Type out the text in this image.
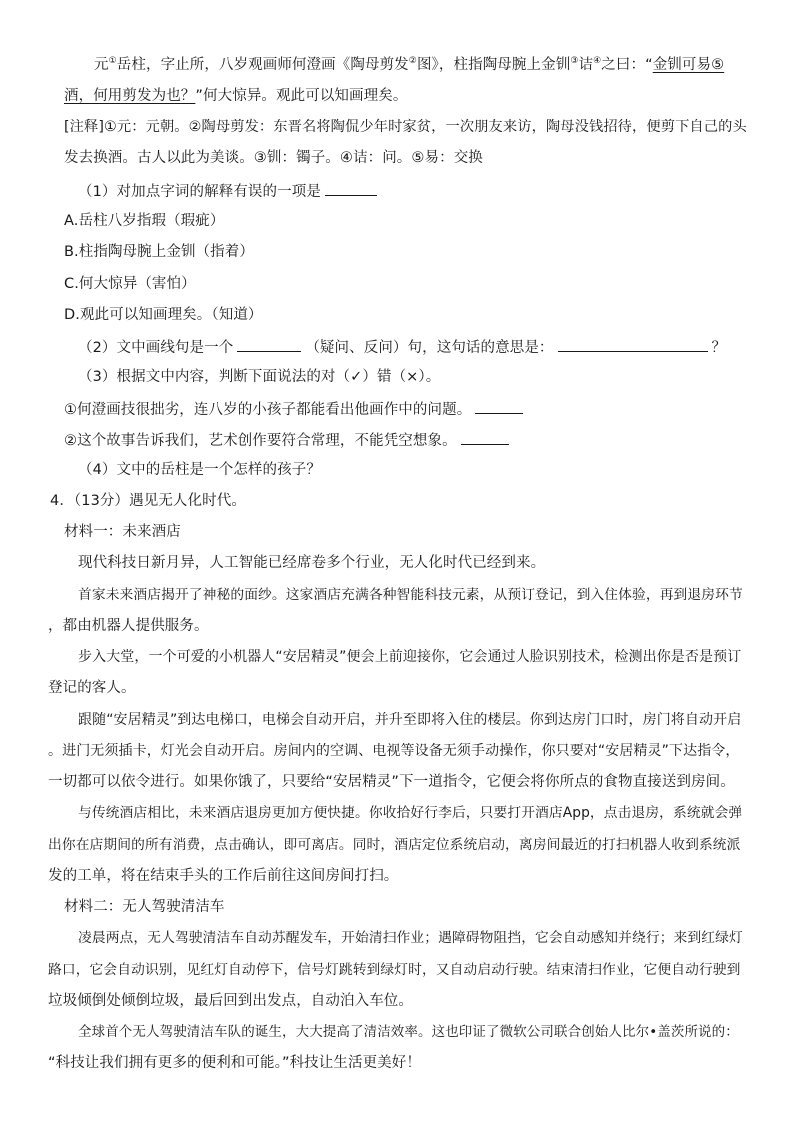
元①岳柱，字止所，八岁观画师何澄画《陶母剪发②图》，柱指陶母腕上金钏③诘④之曰：“金钏可易⑤
酒，何用剪发为也？”何大惊异。观此可以知画理矣。
[注释]①元：元朝。②陶母剪发：东晋名将陶侃少年时家贫，一次朋友来访，陶母没钱招待，便剪下自己的头
发去换酒。古人以此为美谈。③钏：镯子。④诘：问。⑤易：交换
（1）对加点字词的解释有误的一项是
A.岳柱八岁指瑕（瑕疵）
B.柱指陶母腕上金钏（指着）
C.何大惊异（害怕）
D.观此可以知画理矣。（知道）
（2）文中画线句是一个	（疑问、反问）句，这句话的意思是：	？
（3）根据文中内容，判断下面说法的对（✓）错（×）。
①何澄画技很拙劣，连八岁的小孩子都能看出他画作中的问题。
②这个故事告诉我们，艺术创作要符合常理，不能凭空想象。
（4）文中的岳柱是一个怎样的孩子？
4．（13分）遇见无人化时代。
材料一：未来酒店
现代科技日新月异，人工智能已经席卷多个行业，无人化时代已经到来。
首家未来酒店揭开了神秘的面纱。这家酒店充满各种智能科技元素，从预订登记，到入住体验，再到退房环节
，都由机器人提供服务。
步入大堂，一个可爱的小机器人“安居精灵”便会上前迎接你，它会通过人脸识别技术，检测出你是否是预订
登记的客人。
跟随“安居精灵”到达电梯口，电梯会自动开启，并升至即将入住的楼层。你到达房门口时，房门将自动开启
。进门无须插卡，灯光会自动开启。房间内的空调、电视等设备无须手动操作，你只要对“安居精灵”下达指令，
一切都可以依令进行。如果你饿了，只要给“安居精灵”下一道指令，它便会将你所点的食物直接送到房间。
与传统酒店相比，未来酒店退房更加方便快捷。你收拾好行李后，只要打开酒店App，点击退房，系统就会弹
出你在店期间的所有消费，点击确认，即可离店。同时，酒店定位系统启动，离房间最近的打扫机器人收到系统派
发的工单，将在结束手头的工作后前往这间房间打扫。
材料二：无人驾驶清洁车
凌晨两点，无人驾驶清洁车自动苏醒发车，开始清扫作业；遇障碍物阻挡，它会自动感知并绕行；来到红绿灯
路口，它会自动识别，见红灯自动停下，信号灯跳转到绿灯时，又自动启动行驶。结束清扫作业，它便自动行驶到
垃圾倾倒处倾倒垃圾，最后回到出发点，自动泊入车位。
全球首个无人驾驶清洁车队的诞生，大大提高了清洁效率。这也印证了微软公司联合创始人比尔•盖茨所说的：
“科技让我们拥有更多的便利和可能。”科技让生活更美好！
